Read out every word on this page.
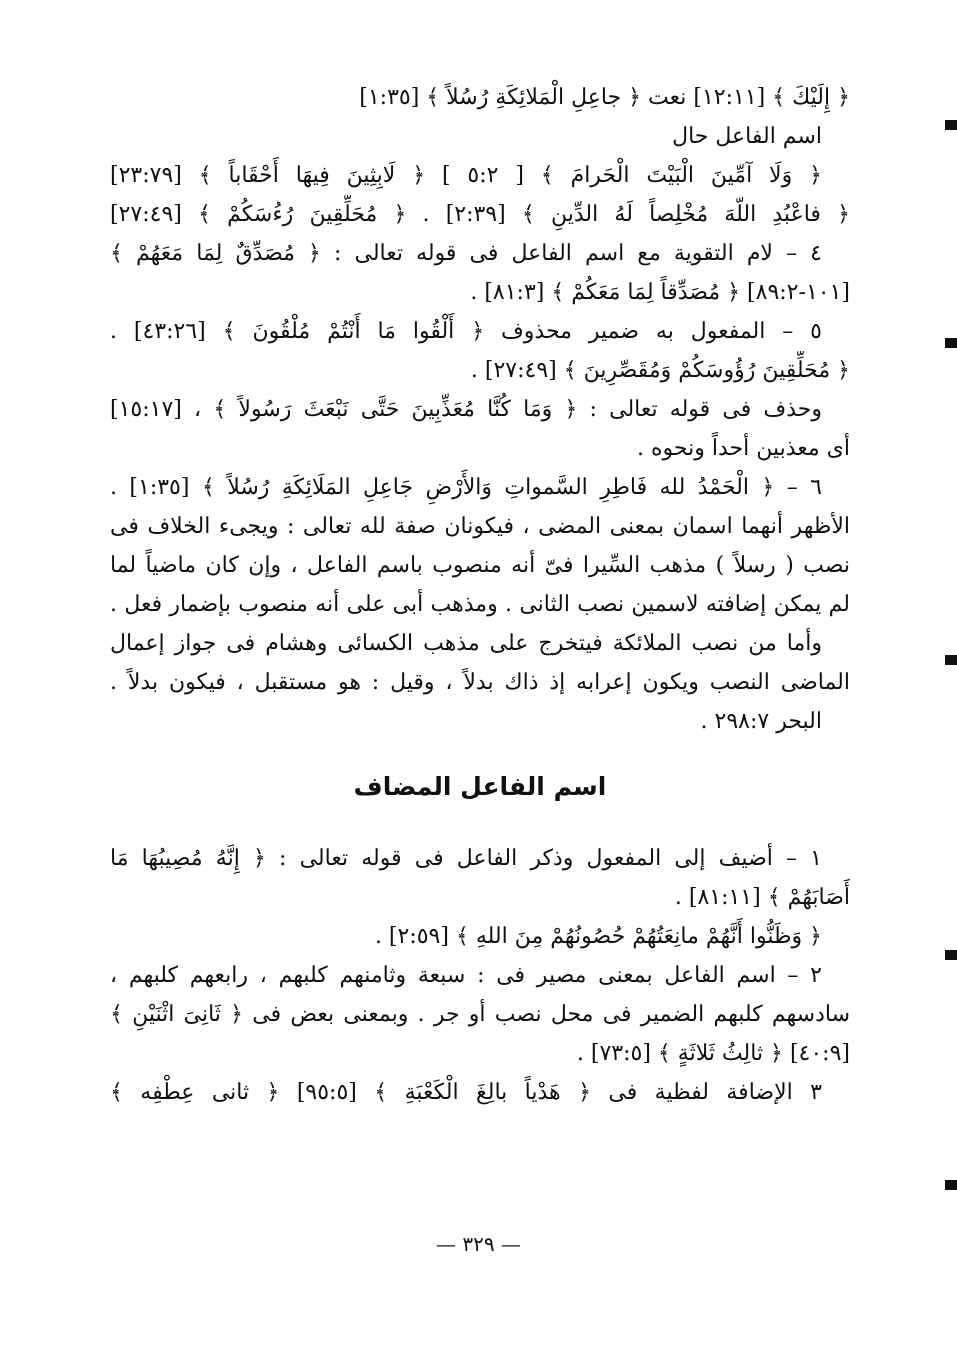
﴿ إِلَيْكَ ﴾ [١٢:١١] نعت ﴿ جاعِلِ الْمَلائِكَةِ رُسُلاً ﴾ [١:٣٥]
اسم الفاعل حال
﴿ وَلَا آمِّينَ الْبَيْتَ الْحَرامَ ﴾ [ ٥:٢ ] ﴿ لَابِثِينَ فِيهَا أَحْقَاباً ﴾ [٢٣:٧٩]
﴿ فاعْبُدِ اللّهَ مُخْلِصاً لَهُ الدِّينِ ﴾ [٢:٣٩] . ﴿ مُحَلِّقِينَ رُءُسَكُمْ ﴾ [٢٧:٤٩]
٤ – لام التقوية مع اسم الفاعل فى قوله تعالى : ﴿ مُصَدِّقٌ لِمَا مَعَهُمْ ﴾
[١٠١-٨٩:٢] ﴿ مُصَدِّقاً لِمَا مَعَكُمْ ﴾ [٨١:٣] .
٥ – المفعول به ضمير محذوف ﴿ أَلْقُوا مَا أَنْتُمْ مُلْقُونَ ﴾ [٤٣:٢٦] .
﴿ مُحَلِّقِينَ رُؤُوسَكُمْ وَمُقَصِّرِينَ ﴾ [٢٧:٤٩] .
وحذف فى قوله تعالى : ﴿ وَمَا كُنَّا مُعَذِّبِينَ حَتَّى نَبْعَثَ رَسُولاً ﴾ ، [١٥:١٧]
أى معذبين أحداً ونحوه .
٦ – ﴿ الْحَمْدُ لله فَاطِرِ السَّمواتِ وَالأَرْضِ جَاعِلِ المَلَائِكَةِ رُسُلاً ﴾ [١:٣٥] .
الأظهر أنهما اسمان بمعنى المضى ، فيكونان صفة لله تعالى : ويجىء الخلاف فى
نصب ( رسلاً ) مذهب السِّيرا فىّ أنه منصوب باسم الفاعل ، وإن كان ماضياً لما
لم يمكن إضافته لاسمين نصب الثانى . ومذهب أبى على أنه منصوب بإضمار فعل .
وأما من نصب الملائكة فيتخرج على مذهب الكسائى وهشام فى جواز إعمال
الماضى النصب ويكون إعرابه إذ ذاك بدلاً ، وقيل : هو مستقبل ، فيكون بدلاً .
البحر ٢٩٨:٧ .
اسم الفاعل المضاف
١ – أضيف إلى المفعول وذكر الفاعل فى قوله تعالى : ﴿ إِنَّهُ مُصِيبُهَا مَا
أَصَابَهُمْ ﴾ [٨١:١١] .
﴿ وَظَنُّوا أَنَّهُمْ مانِعَتُهُمْ حُصُونُهُمْ مِنَ اللهِ ﴾ [٢:٥٩] .
٢ – اسم الفاعل بمعنى مصير فى : سبعة وثامنهم كلبهم ، رابعهم كلبهم ،
سادسهم كلبهم الضمير فى محل نصب أو جر . وبمعنى بعض فى ﴿ ثَانِىَ اثْنَيْنِ ﴾
[٤٠:٩] ﴿ ثالِثُ ثَلاثَةٍ ﴾ [٧٣:٥] .
٣ الإضافة لفظية فى ﴿ هَدْياً بالِغَ الْكَعْبَةِ ﴾ [٩٥:٥] ﴿ ثانى عِطْفِه ﴾
— ٣٢٩ —
